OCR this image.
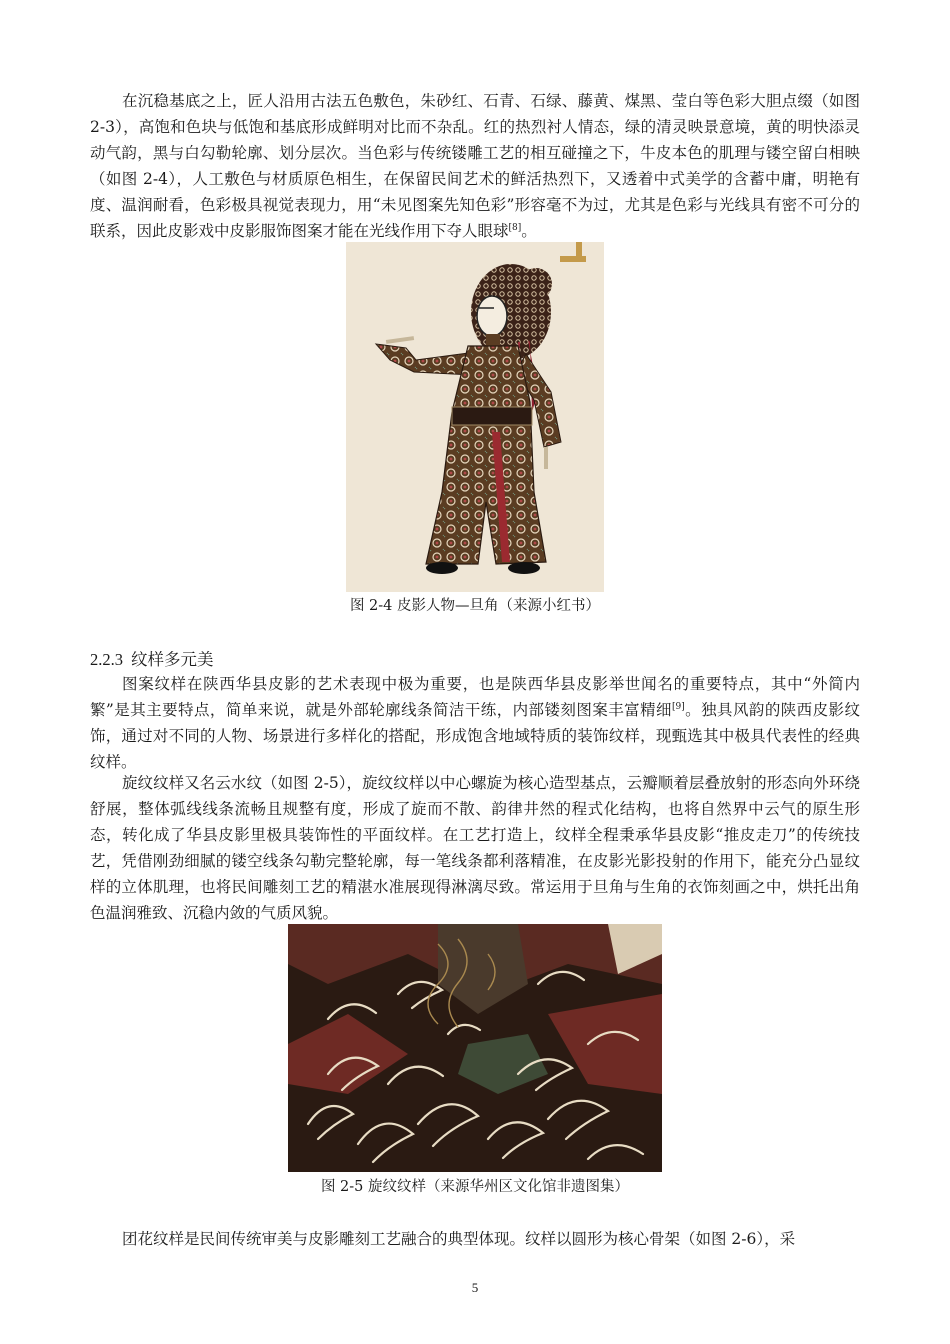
在沉稳基底之上，匠人沿用古法五色敷色，朱砂红、石青、石绿、藤黄、煤黑、莹白等色彩大胆点缀（如图 2-3），高饱和色块与低饱和基底形成鲜明对比而不杂乱。红的热烈衬人情态，绿的清灵映景意境，黄的明快添灵动气韵，黑与白勾勒轮廓、划分层次。当色彩与传统镂雕工艺的相互碰撞之下，牛皮本色的肌理与镂空留白相映（如图 2-4），人工敷色与材质原色相生，在保留民间艺术的鲜活热烈下，又透着中式美学的含蓄中庸，明艳有度、温润耐看，色彩极具视觉表现力，用“未见图案先知色彩”形容毫不为过，尤其是色彩与光线具有密不可分的联系，因此皮影戏中皮影服饰图案才能在光线作用下夺人眼球[8]。

图 2-4 皮影人物—旦角（来源小红书）
2.2.3 纹样多元美

图案纹样在陕西华县皮影的艺术表现中极为重要，也是陕西华县皮影举世闻名的重要特点，其中“外简内繁”是其主要特点，简单来说，就是外部轮廓线条简洁干练，内部镂刻图案丰富精细[9]。独具风韵的陕西皮影纹饰，通过对不同的人物、场景进行多样化的搭配，形成饱含地域特质的装饰纹样，现甄选其中极具代表性的经典纹样。

旋纹纹样又名云水纹（如图 2-5），旋纹纹样以中心螺旋为核心造型基点，云瓣顺着层叠放射的形态向外环绕舒展，整体弧线线条流畅且规整有度，形成了旋而不散、韵律井然的程式化结构，也将自然界中云气的原生形态，转化成了华县皮影里极具装饰性的平面纹样。在工艺打造上，纹样全程秉承华县皮影“推皮走刀”的传统技艺，凭借刚劲细腻的镂空线条勾勒完整轮廓，每一笔线条都利落精准，在皮影光影投射的作用下，能充分凸显纹样的立体肌理，也将民间雕刻工艺的精湛水准展现得淋漓尽致。常运用于旦角与生角的衣饰刻画之中，烘托出角色温润雅致、沉稳内敛的气质风貌。

图 2-5 旋纹纹样（来源华州区文化馆非遗图集）

团花纹样是民间传统审美与皮影雕刻工艺融合的典型体现。纹样以圆形为核心骨架（如图 2-6），采

5
